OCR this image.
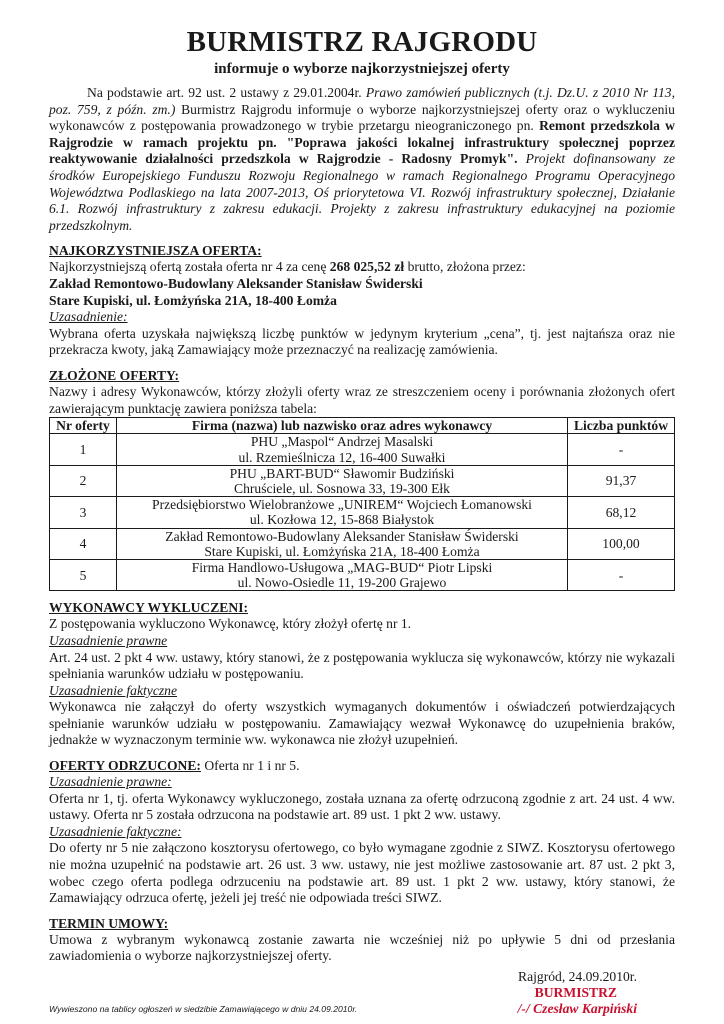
BURMISTRZ RAJGRODU
informuje o wyborze najkorzystniejszej oferty

Na podstawie art. 92 ust. 2 ustawy z 29.01.2004r. Prawo zamówień publicznych (t.j. Dz.U. z 2010 Nr 113, poz. 759, z późn. zm.) Burmistrz Rajgrodu informuje o wyborze najkorzystniejszej oferty oraz o wykluczeniu wykonawców z postępowania prowadzonego w trybie przetargu nieograniczonego pn. Remont przedszkola w Rajgrodzie w ramach projektu pn. "Poprawa jakości lokalnej infrastruktury społecznej poprzez reaktywowanie działalności przedszkola w Rajgrodzie - Radosny Promyk". Projekt dofinansowany ze środków Europejskiego Funduszu Rozwoju Regionalnego w ramach Regionalnego Programu Operacyjnego Województwa Podlaskiego na lata 2007-2013, Oś priorytetowa VI. Rozwój infrastruktury społecznej, Działanie 6.1. Rozwój infrastruktury z zakresu edukacji. Projekty z zakresu infrastruktury edukacyjnej na poziomie przedszkolnym.

NAJKORZYSTNIEJSZA OFERTA:

Najkorzystniejszą ofertą została oferta nr 4 za cenę 268 025,52 zł brutto, złożona przez:

Zakład Remontowo-Budowlany Aleksander Stanisław Świderski

Stare Kupiski, ul. Łomżyńska 21A, 18-400 Łomża

Uzasadnienie:

Wybrana oferta uzyskała największą liczbę punktów w jedynym kryterium „cena”, tj. jest najtańsza oraz nie przekracza kwoty, jaką Zamawiający może przeznaczyć na realizację zamówienia.

ZŁOŻONE OFERTY:

Nazwy i adresy Wykonawców, którzy złożyli oferty wraz ze streszczeniem oceny i porównania złożonych ofert zawierającym punktację zawiera poniższa tabela:

Nr oferty	Firma (nazwa) lub nazwisko oraz adres wykonawcy	Liczba punktów
1	PHU „Maspol“ Andrzej Masalski
ul. Rzemieślnicza 12, 16-400 Suwałki	-
2	PHU „BART-BUD“ Sławomir Budziński
Chruściele, ul. Sosnowa 33, 19-300 Ełk	91,37
3	Przedsiębiorstwo Wielobranżowe „UNIREM“ Wojciech Łomanowski
ul. Kozłowa 12, 15-868 Białystok	68,12
4	Zakład Remontowo-Budowlany Aleksander Stanisław Świderski
Stare Kupiski, ul. Łomżyńska 21A, 18-400 Łomża	100,00
5	Firma Handlowo-Usługowa „MAG-BUD“ Piotr Lipski
ul. Nowo-Osiedle 11, 19-200 Grajewo	-
WYKONAWCY WYKLUCZENI:

Z postępowania wykluczono Wykonawcę, który złożył ofertę nr 1.

Uzasadnienie prawne

Art. 24 ust. 2 pkt 4 ww. ustawy, który stanowi, że z postępowania wyklucza się wykonawców, którzy nie wykazali spełniania warunków udziału w postępowaniu.

Uzasadnienie faktyczne

Wykonawca nie załączył do oferty wszystkich wymaganych dokumentów i oświadczeń potwierdzających spełnianie warunków udziału w postępowaniu. Zamawiający wezwał Wykonawcę do uzupełnienia braków, jednakże w wyznaczonym terminie ww. wykonawca nie złożył uzupełnień.

OFERTY ODRZUCONE: Oferta nr 1 i nr 5.
Uzasadnienie prawne:

Oferta nr 1, tj. oferta Wykonawcy wykluczonego, została uznana za ofertę odrzuconą zgodnie z art. 24 ust. 4 ww. ustawy. Oferta nr 5 została odrzucona na podstawie art. 89 ust. 1 pkt 2 ww. ustawy.

Uzasadnienie faktyczne:

Do oferty nr 5 nie załączono kosztorysu ofertowego, co było wymagane zgodnie z SIWZ. Kosztorysu ofertowego nie można uzupełnić na podstawie art. 26 ust. 3 ww. ustawy, nie jest możliwe zastosowanie art. 87 ust. 2 pkt 3, wobec czego oferta podlega odrzuceniu na podstawie art. 89 ust. 1 pkt 2 ww. ustawy, który stanowi, że Zamawiający odrzuca ofertę, jeżeli jej treść nie odpowiada treści SIWZ.

TERMIN UMOWY:

Umowa z wybranym wykonawcą zostanie zawarta nie wcześniej niż po upływie 5 dni od przesłania zawiadomienia o wyborze najkorzystniejszej oferty.

Rajgród, 24.09.2010r.
BURMISTRZ
Wywieszono na tablicy ogłoszeń w siedzibie Zamawiającego w dniu 24.09.2010r.	/-/ Czesław Karpiński
